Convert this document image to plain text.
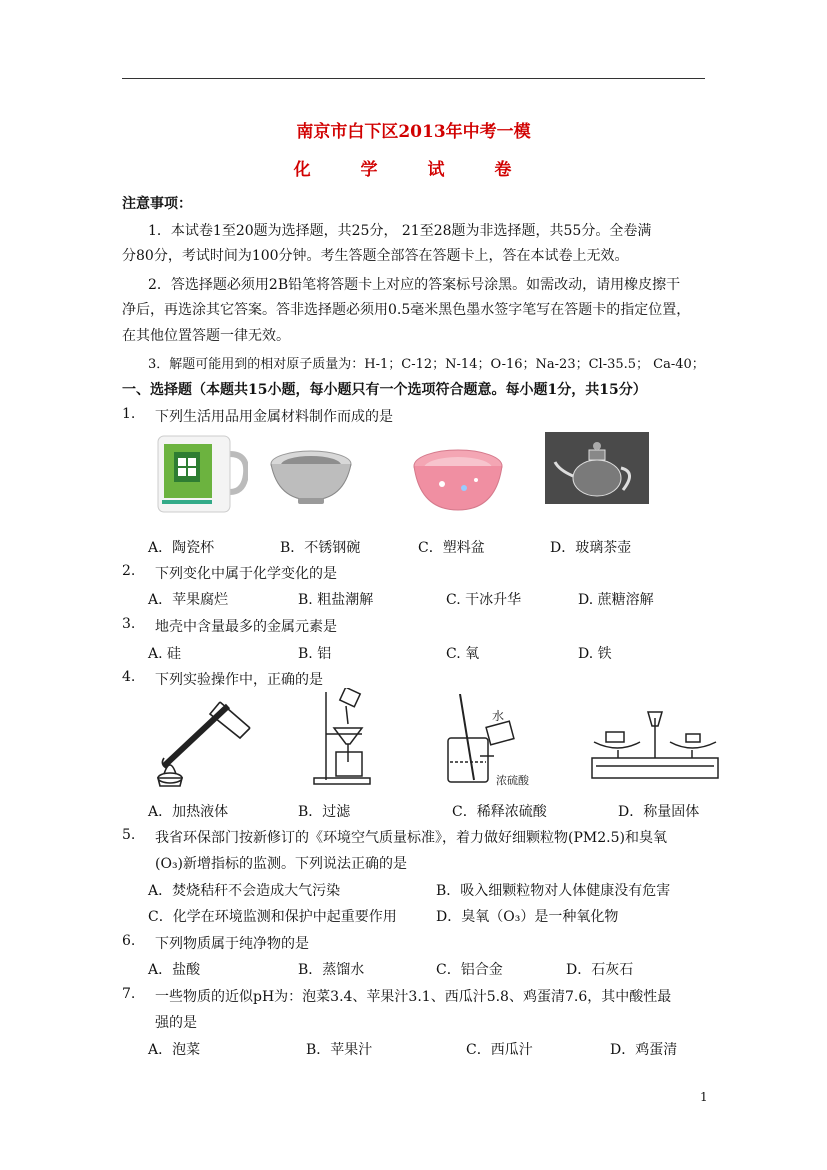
南京市白下区2013年中考一模
化 学 试 卷
注意事项：
1．本试卷1至20题为选择题，共25分， 21至28题为非选择题，共55分。全卷满
分80分，考试时间为100分钟。考生答题全部答在答题卡上，答在本试卷上无效。
2．答选择题必须用2B铅笔将答题卡上对应的答案标号涂黑。如需改动，请用橡皮擦干
净后，再选涂其它答案。答非选择题必须用0.5毫米黑色墨水签字笔写在答题卡的指定位置，
在其他位置答题一律无效。
3．解题可能用到的相对原子质量为：H-1；C-12；N-14；O-16；Na-23；Cl-35.5； Ca-40；
一、选择题（本题共15小题，每小题只有一个选项符合题意。每小题1分，共15分）
1. 下列生活用品用金属材料制作而成的是
A．陶瓷杯	B．不锈钢碗	C．塑料盆	D．玻璃茶壶
2. 下列变化中属于化学变化的是
A．苹果腐烂	B. 粗盐潮解	C. 干冰升华	D. 蔗糖溶解
3. 地壳中含量最多的金属元素是
A. 硅	B. 铝	C. 氧	D. 铁
4. 下列实验操作中，正确的是
水
浓硫酸
A．加热液体	B．过滤	C．稀释浓硫酸	D．称量固体
5. 我省环保部门按新修订的《环境空气质量标准》，着力做好细颗粒物(PM2.5)和臭氧
(O₃)新增指标的监测。下列说法正确的是
A．焚烧秸秆不会造成大气污染	B．吸入细颗粒物对人体健康没有危害
C．化学在环境监测和保护中起重要作用	D．臭氧（O₃）是一种氧化物
6. 下列物质属于纯净物的是
A．盐酸	B．蒸馏水	C．铝合金	D．石灰石
7. 一些物质的近似pH为：泡菜3.4、苹果汁3.1、西瓜汁5.8、鸡蛋清7.6，其中酸性最
强的是
A．泡菜	B．苹果汁	C．西瓜汁	D．鸡蛋清
1
